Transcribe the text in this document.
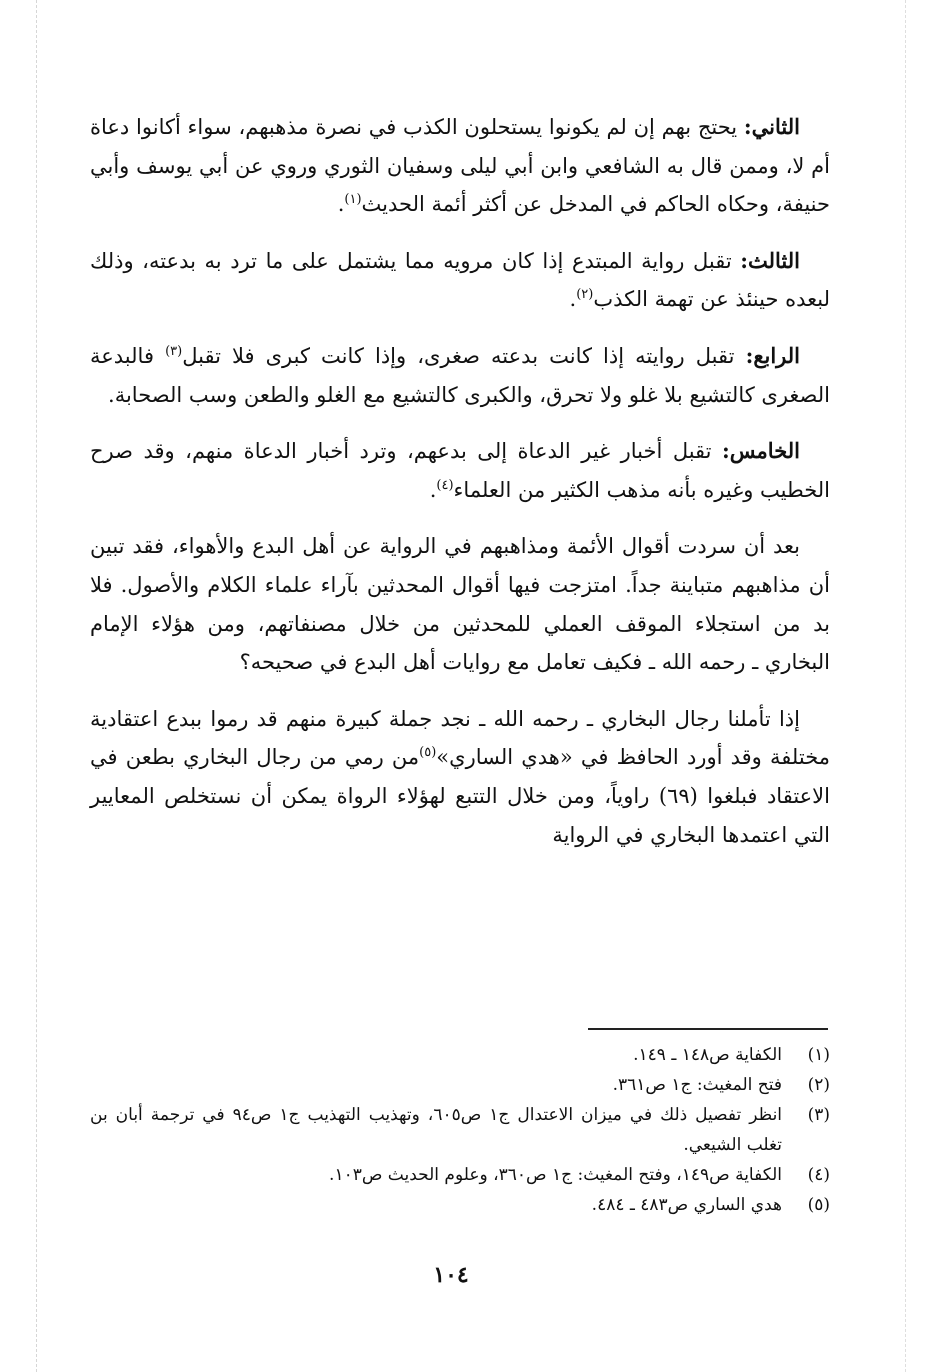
الثاني: يحتج بهم إن لم يكونوا يستحلون الكذب في نصرة مذهبهم، سواء أكانوا دعاة أم لا، وممن قال به الشافعي وابن أبي ليلى وسفيان الثوري وروي عن أبي يوسف وأبي حنيفة، وحكاه الحاكم في المدخل عن أكثر أئمة الحديث$^{(١)}$.

الثالث: تقبل رواية المبتدع إذا كان مرويه مما يشتمل على ما ترد به بدعته، وذلك لبعده حينئذ عن تهمة الكذب$^{(٢)}$.

الرابع: تقبل روايته إذا كانت بدعته صغرى، وإذا كانت كبرى فلا تقبل$^{(٣)}$ فالبدعة الصغرى كالتشيع بلا غلو ولا تحرق، والكبرى كالتشيع مع الغلو والطعن وسب الصحابة.

الخامس: تقبل أخبار غير الدعاة إلى بدعهم، وترد أخبار الدعاة منهم، وقد صرح الخطيب وغيره بأنه مذهب الكثير من العلماء$^{(٤)}$.

بعد أن سردت أقوال الأئمة ومذاهبهم في الرواية عن أهل البدع والأهواء، فقد تبين أن مذاهبهم متباينة جداً. امتزجت فيها أقوال المحدثين بآراء علماء الكلام والأصول. فلا بد من استجلاء الموقف العملي للمحدثين من خلال مصنفاتهم، ومن هؤلاء الإمام البخاري ـ رحمه الله ـ فكيف تعامل مع روايات أهل البدع في صحيحه؟

إذا تأملنا رجال البخاري ـ رحمه الله ـ نجد جملة كبيرة منهم قد رموا ببدع اعتقادية مختلفة وقد أورد الحافظ في «هدي الساري»$^{(٥)}$من رمي من رجال البخاري بطعن في الاعتقاد فبلغوا (٦٩) راوياً، ومن خلال التتبع لهؤلاء الرواة يمكن أن نستخلص المعايير التي اعتمدها البخاري في الرواية

(١)
الكفاية ص١٤٨ ـ ١٤٩.
(٢)
فتح المغيث: ج١ ص٣٦١.
(٣)
انظر تفصيل ذلك في ميزان الاعتدال ج١ ص٦٠٥، وتهذيب التهذيب ج١ ص٩٤ في ترجمة أبان بن تغلب الشيعي.
(٤)
الكفاية ص١٤٩، وفتح المغيث: ج١ ص٣٦٠، وعلوم الحديث ص١٠٣.
(٥)
هدي الساري ص٤٨٣ ـ ٤٨٤.
١٠٤
